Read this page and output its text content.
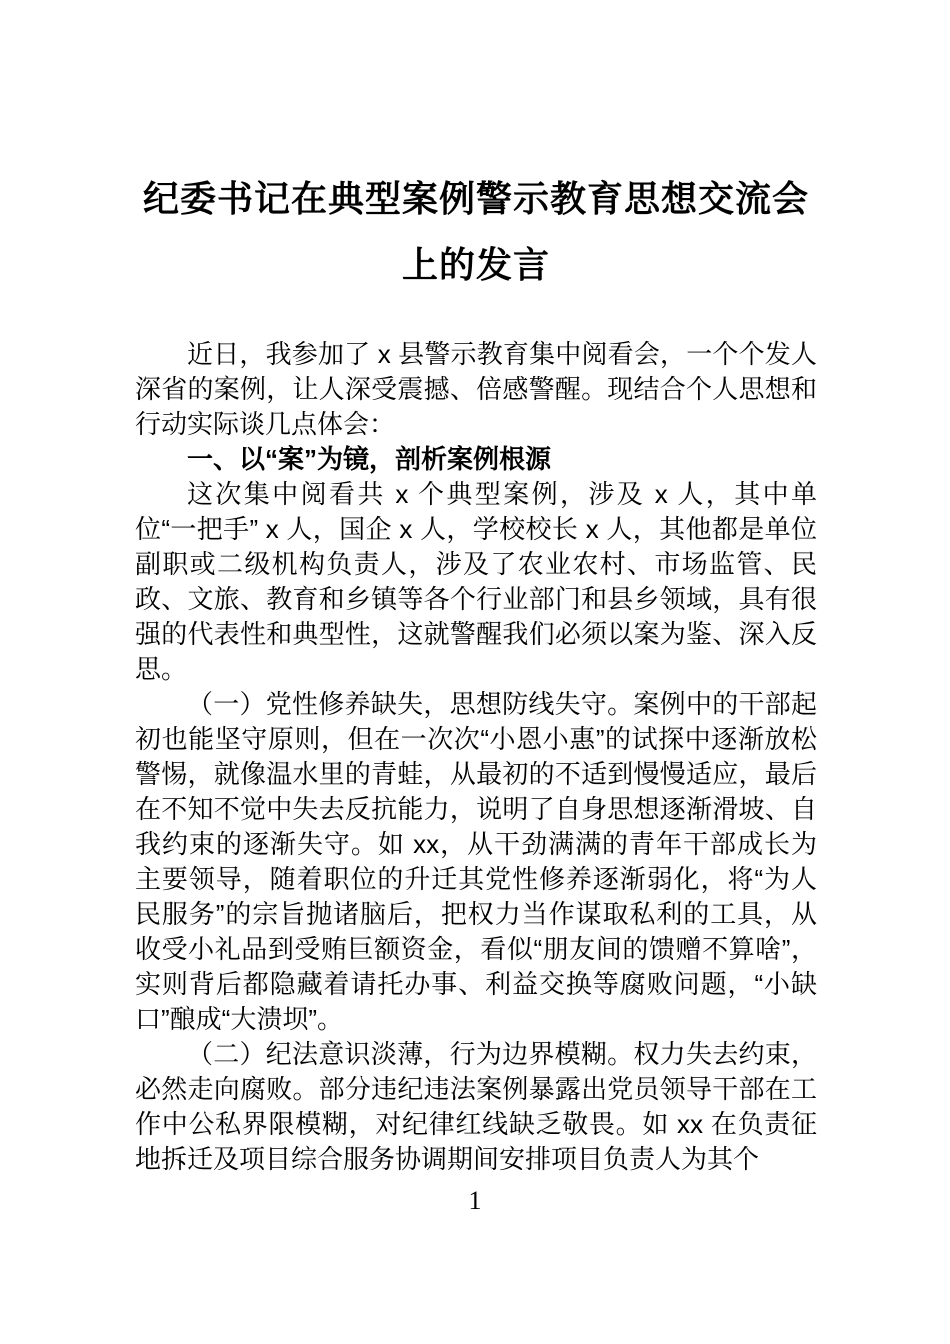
纪委书记在典型案例警示教育思想交流会
上的发言

近日，我参加了 x 县警示教育集中阅看会，一个个发人深省的案例，让人深受震撼、倍感警醒。现结合个人思想和行动实际谈几点体会：

一、以“案”为镜，剖析案例根源

这次集中阅看共 x 个典型案例，涉及 x 人，其中单位“一把手” x 人，国企 x 人，学校校长 x 人，其他都是单位副职或二级机构负责人，涉及了农业农村、市场监管、民政、文旅、教育和乡镇等各个行业部门和县乡领域，具有很强的代表性和典型性，这就警醒我们必须以案为鉴、深入反思。

（一）党性修养缺失，思想防线失守。案例中的干部起初也能坚守原则，但在一次次“小恩小惠”的试探中逐渐放松警惕，就像温水里的青蛙，从最初的不适到慢慢适应，最后在不知不觉中失去反抗能力，说明了自身思想逐渐滑坡、自我约束的逐渐失守。如 xx，从干劲满满的青年干部成长为主要领导，随着职位的升迁其党性修养逐渐弱化，将“为人民服务”的宗旨抛诸脑后，把权力当作谋取私利的工具，从收受小礼品到受贿巨额资金，看似“朋友间的馈赠不算啥”，实则背后都隐藏着请托办事、利益交换等腐败问题，“小缺口”酿成“大溃坝”。

（二）纪法意识淡薄，行为边界模糊。权力失去约束，必然走向腐败。部分违纪违法案例暴露出党员领导干部在工作中公私界限模糊，对纪律红线缺乏敬畏。如 xx 在负责征地拆迁及项目综合服务协调期间安排项目负责人为其个

1
